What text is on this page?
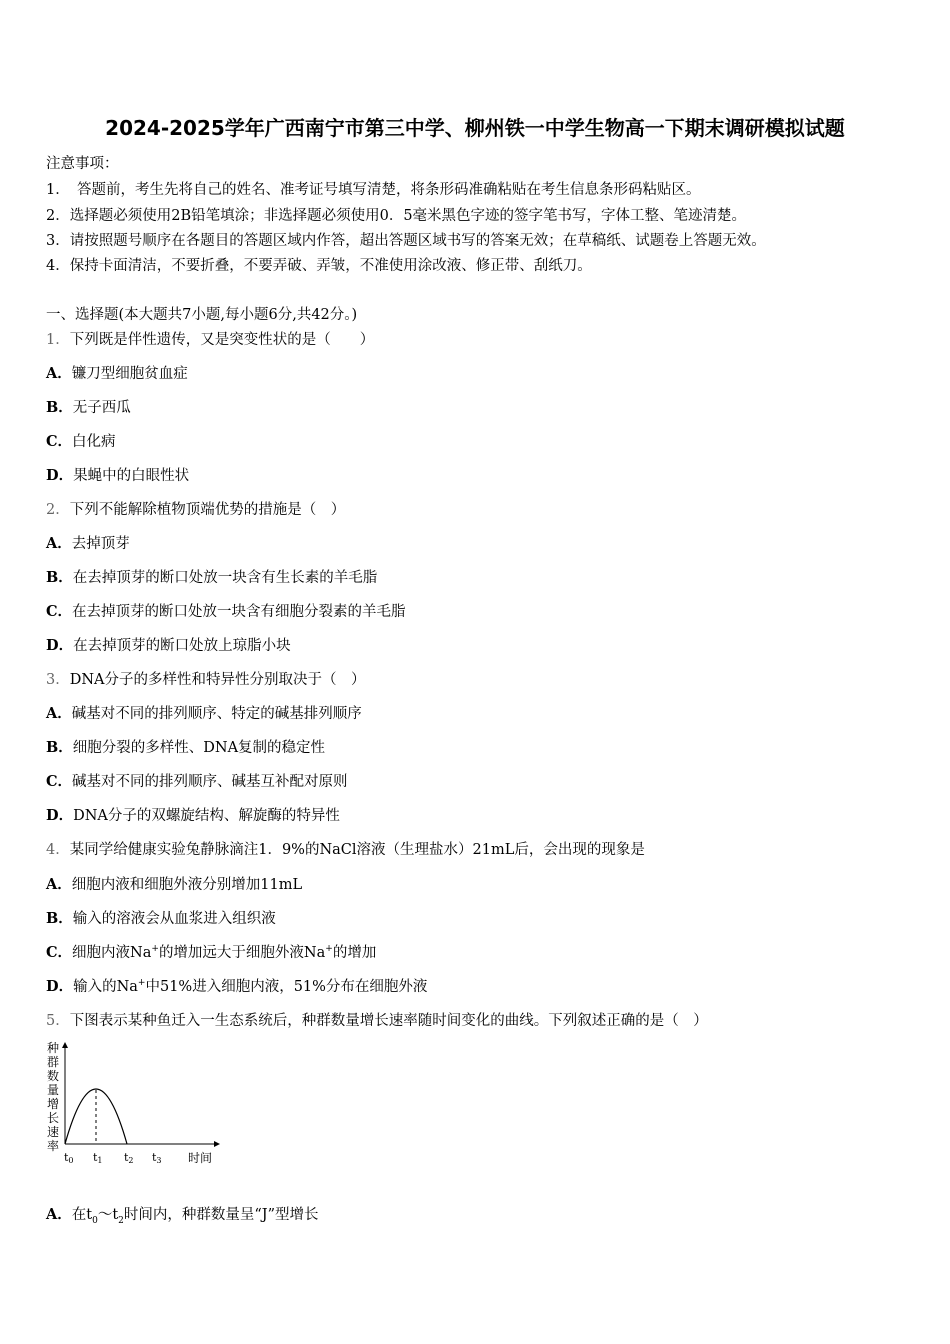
2024-2025学年广西南宁市第三中学、柳州铁一中学生物高一下期末调研模拟试题
注意事项：
1．　答题前，考生先将自己的姓名、准考证号填写清楚，将条形码准确粘贴在考生信息条形码粘贴区。
2．选择题必须使用2B铅笔填涂；非选择题必须使用0．5毫米黑色字迹的签字笔书写，字体工整、笔迹清楚。
3．请按照题号顺序在各题目的答题区域内作答，超出答题区域书写的答案无效；在草稿纸、试题卷上答题无效。
4．保持卡面清洁，不要折叠，不要弄破、弄皱，不准使用涂改液、修正带、刮纸刀。
一、选择题(本大题共7小题,每小题6分,共42分。)
1．下列既是伴性遗传，又是突变性状的是（　　）
A．镰刀型细胞贫血症
B．无子西瓜
C．白化病
D．果蝇中的白眼性状
2．下列不能解除植物顶端优势的措施是（　）
A．去掉顶芽
B．在去掉顶芽的断口处放一块含有生长素的羊毛脂
C．在去掉顶芽的断口处放一块含有细胞分裂素的羊毛脂
D．在去掉顶芽的断口处放上琼脂小块
3．DNA分子的多样性和特异性分别取决于（　）
A．碱基对不同的排列顺序、特定的碱基排列顺序
B．细胞分裂的多样性、DNA复制的稳定性
C．碱基对不同的排列顺序、碱基互补配对原则
D．DNA分子的双螺旋结构、解旋酶的特异性
4．某同学给健康实验兔静脉滴注1．9%的NaCl溶液（生理盐水）21mL后，会出现的现象是
A．细胞内液和细胞外液分别增加11mL
B．输入的溶液会从血浆进入组织液
C．细胞内液Na+的增加远大于细胞外液Na+的增加
D．输入的Na+中51%进入细胞内液，51%分布在细胞外液
5．下图表示某种鱼迁入一生态系统后，种群数量增长速率随时间变化的曲线。下列叙述正确的是（　）
种
群
数
量
增
长
速
率
t0 t1 t2 t3 时间
A．在$t_0\sim t_2$时间内，种群数量呈“J”型增长
